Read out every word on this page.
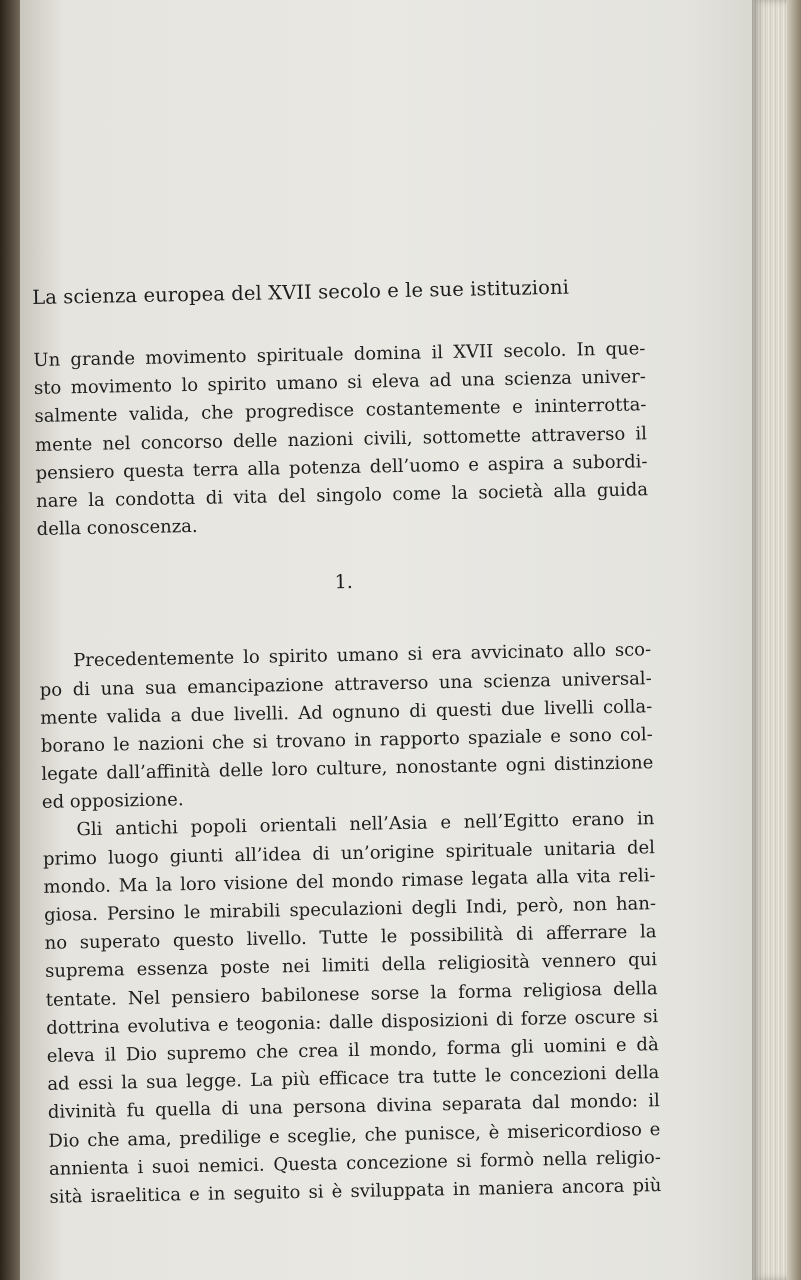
La scienza europea del XVII secolo e le sue istituzioni
Un grande movimento spirituale domina il XVII secolo. In que-
sto movimento lo spirito umano si eleva ad una scienza univer-
salmente valida, che progredisce costantemente e ininterrotta-
mente nel concorso delle nazioni civili, sottomette attraverso il
pensiero questa terra alla potenza dell’uomo e aspira a subordi-
nare la condotta di vita del singolo come la società alla guida
della conoscenza.
1.
Precedentemente lo spirito umano si era avvicinato allo sco-
po di una sua emancipazione attraverso una scienza universal-
mente valida a due livelli. Ad ognuno di questi due livelli colla-
borano le nazioni che si trovano in rapporto spaziale e sono col-
legate dall’affinità delle loro culture, nonostante ogni distinzione
ed opposizione.
Gli antichi popoli orientali nell’Asia e nell’Egitto erano in
primo luogo giunti all’idea di un’origine spirituale unitaria del
mondo. Ma la loro visione del mondo rimase legata alla vita reli-
giosa. Persino le mirabili speculazioni degli Indi, però, non han-
no superato questo livello. Tutte le possibilità di afferrare la
suprema essenza poste nei limiti della religiosità vennero qui
tentate. Nel pensiero babilonese sorse la forma religiosa della
dottrina evolutiva e teogonia: dalle disposizioni di forze oscure si
eleva il Dio supremo che crea il mondo, forma gli uomini e dà
ad essi la sua legge. La più efficace tra tutte le concezioni della
divinità fu quella di una persona divina separata dal mondo: il
Dio che ama, predilige e sceglie, che punisce, è misericordioso e
annienta i suoi nemici. Questa concezione si formò nella religio-
sità israelitica e in seguito si è sviluppata in maniera ancora più
